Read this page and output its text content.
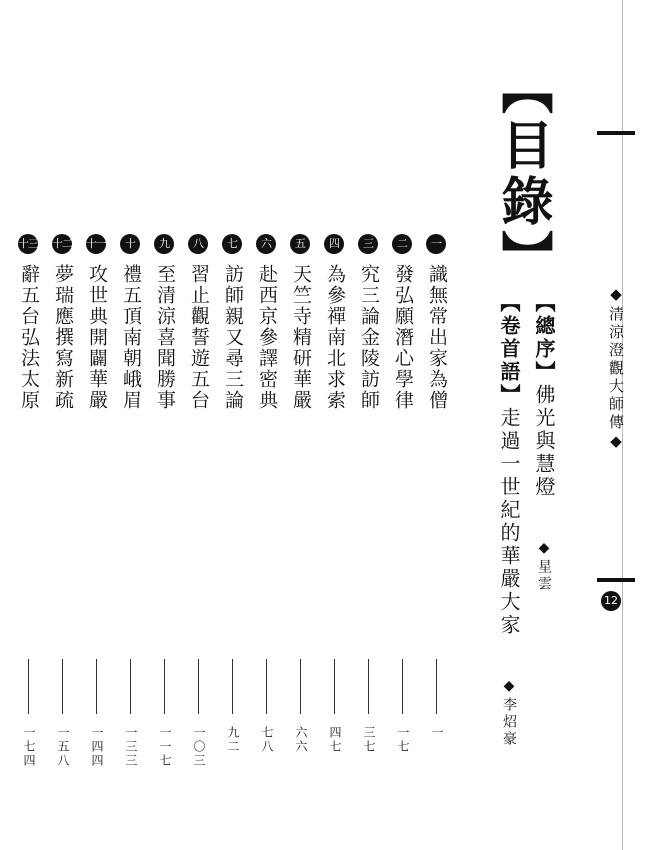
◆清涼澄觀大師傳◆
12
【目錄】
【總序】佛光與慧燈 ◆星雲
【卷首語】走過一世紀的華嚴大家 ◆李炤豪
一
識無常出家為僧
一
二
發弘願潛心學律
一七
三
究三論金陵訪師
三七
四
為參禪南北求索
四七
五
天竺寺精研華嚴
六六
六
赴西京參譯密典
七八
七
訪師親又尋三論
九二
八
習止觀誓遊五台
一〇三
九
至清涼喜聞勝事
一一七
十
禮五頂南朝峨眉
一三三
十一
攻世典開闢華嚴
一四四
十二
夢瑞應撰寫新疏
一五八
十三
辭五台弘法太原
一七四
